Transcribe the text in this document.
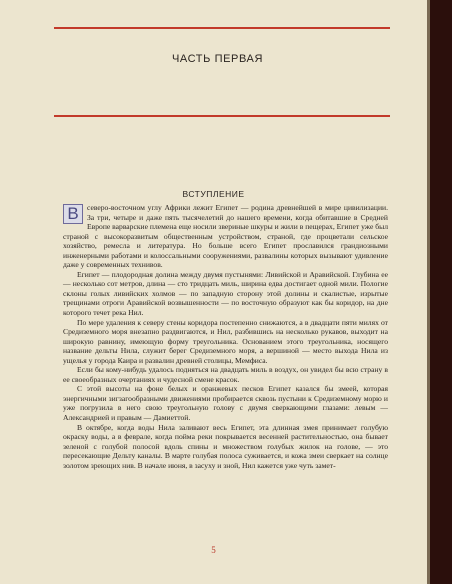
ЧАСТЬ ПЕРВАЯ
ВСТУПЛЕНИЕ

В	северо-восточном углу Африки лежит Египет — родина древнейшей в мире цивилизации. За три, четыре и даже пять тысячелетий до нашего времени, когда обитавшие в Средней Европе варварские племена еще носили звериные шкуры и жили в пещерах, Египет уже был страной с высокоразвитым общественным устройством, страной, где процветали сельское хозяйство, ремесла и литература. Но больше всего Египет прославился грандиозными инженерными работами и колоссальными сооружениями, развалины которых вызывают удивление даже у современных технивов.

Египет — плодородная долина между двумя пустынями: Ливийской и Аравийской. Глубина ее — несколько сот метров, длина — сто тридцать миль, ширина едва достигает одной мили. Пологие склоны голых ливийских холмов — по западную сторону этой долины и скалистые, изрытые трещинами отроги Аравийской возвышенности — по восточную образуют как бы коридор, на дне которого течет река Нил.

По мере удаления к северу стены коридора постепенно снижаются, а в двадцати пяти милях от Средиземного моря внезапно раздвигаются, и Нил, разбившись на несколько рукавов, выходит на широкую равнину, имеющую форму треугольника. Основанием этого треугольника, носящего название дельты Нила, служит берег Средиземного моря, а вершиной — место выхода Нила из ущелья у города Каира и развалин древней столицы, Мемфиса.

Если бы кому-нибудь удалось подняться на двадцать миль в воздух, он увидел бы всю страну в ее своеобразных очертаниях и чудесной смене красок.

С этой высоты на фоне белых и оранжевых песков Египет казался бы змеей, которая энергичными зигзагообразными движениями пробирается сквозь пустыни к Средиземному морю и уже погрузила в него свою треугольную голову с двумя сверкающими глазами: левым — Александрией и правым — Дамиеттой.

В октябре, когда воды Нила заливают весь Египет, эта длинная змея принимает голубую окраску воды, а в феврале, когда пойма реки покрывается весенней растительностью, она бывает зеленой с голубой полосой вдоль спины и множеством голубых жилок на голове, — это пересекающие Дельту каналы. В марте голубая полоса суживается, и кожа змеи сверкает на солнце золотом зреющих нив. В начале июня, в засуху и зной, Нил кажется уже чуть замет-

5
